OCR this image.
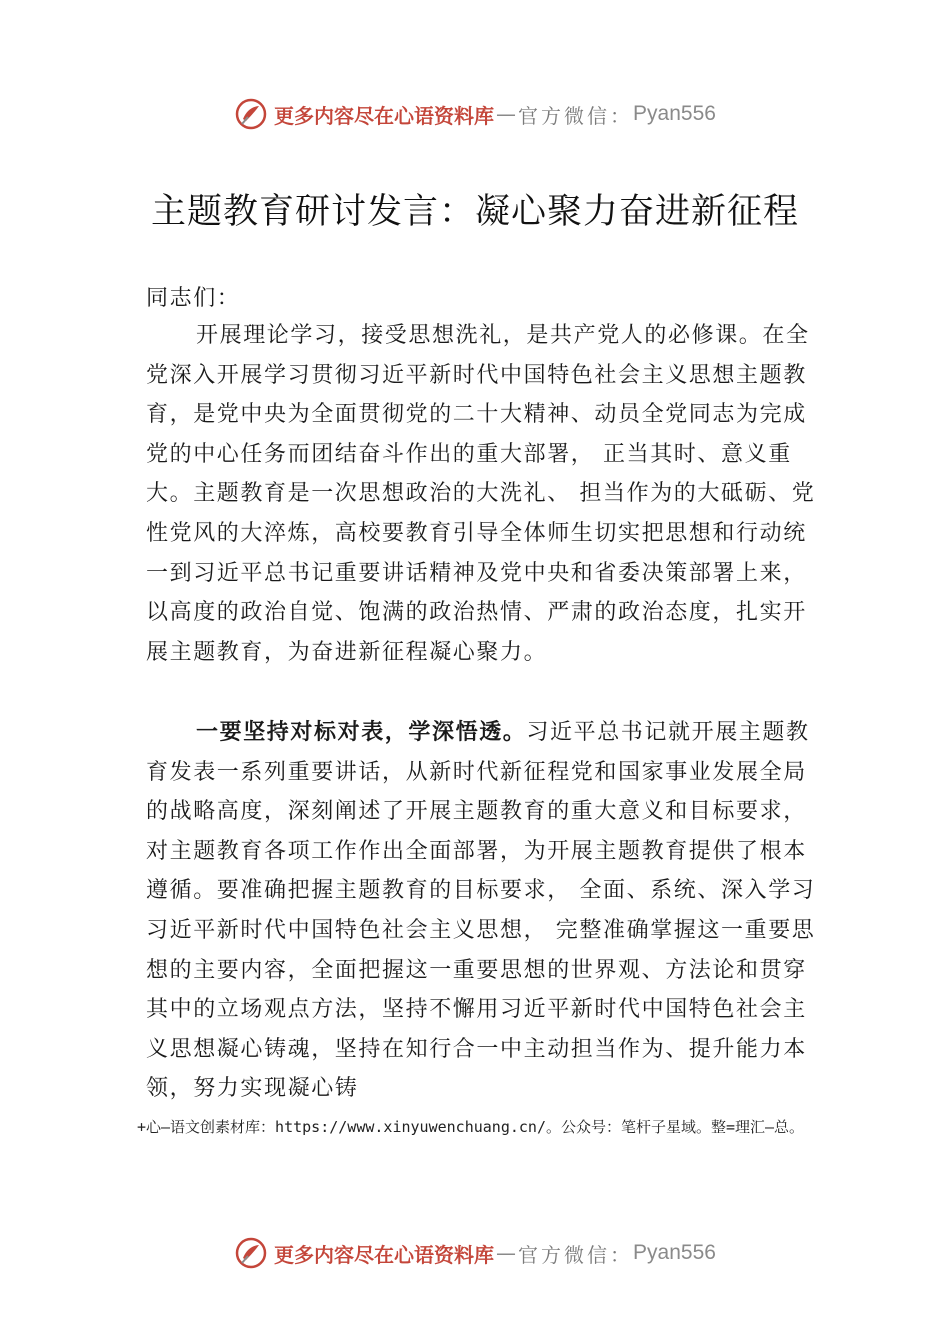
更多内容尽在心语资料库 — 官方微信： Pyan556
主题教育研讨发言：凝心聚力奋进新征程

同志们：

开展理论学习，接受思想洗礼，是共产党人的必修课。在全党深入开展学习贯彻习近平新时代中国特色社会主义思想主题教育，是党中央为全面贯彻党的二十大精神、动员全党同志为完成党的中心任务而团结奋斗作出的重大部署， 正当其时、意义重大。主题教育是一次思想政治的大洗礼、 担当作为的大砥砺、党性党风的大淬炼，高校要教育引导全体师生切实把思想和行动统一到习近平总书记重要讲话精神及党中央和省委决策部署上来，以高度的政治自觉、饱满的政治热情、严肃的政治态度，扎实开展主题教育，为奋进新征程凝心聚力。

一要坚持对标对表，学深悟透。习近平总书记就开展主题教育发表一系列重要讲话，从新时代新征程党和国家事业发展全局的战略高度，深刻阐述了开展主题教育的重大意义和目标要求，对主题教育各项工作作出全面部署，为开展主题教育提供了根本遵循。要准确把握主题教育的目标要求， 全面、系统、深入学习习近平新时代中国特色社会主义思想， 完整准确掌握这一重要思想的主要内容，全面把握这一重要思想的世界观、方法论和贯穿其中的立场观点方法，坚持不懈用习近平新时代中国特色社会主义思想凝心铸魂，坚持在知行合一中主动担当作为、提升能力本领，努力实现凝心铸

+心—语文创素材库：https://www.xinyuwenchuang.cn/。公众号：笔杆子星域。整=理汇—总。

更多内容尽在心语资料库 — 官方微信： Pyan556
